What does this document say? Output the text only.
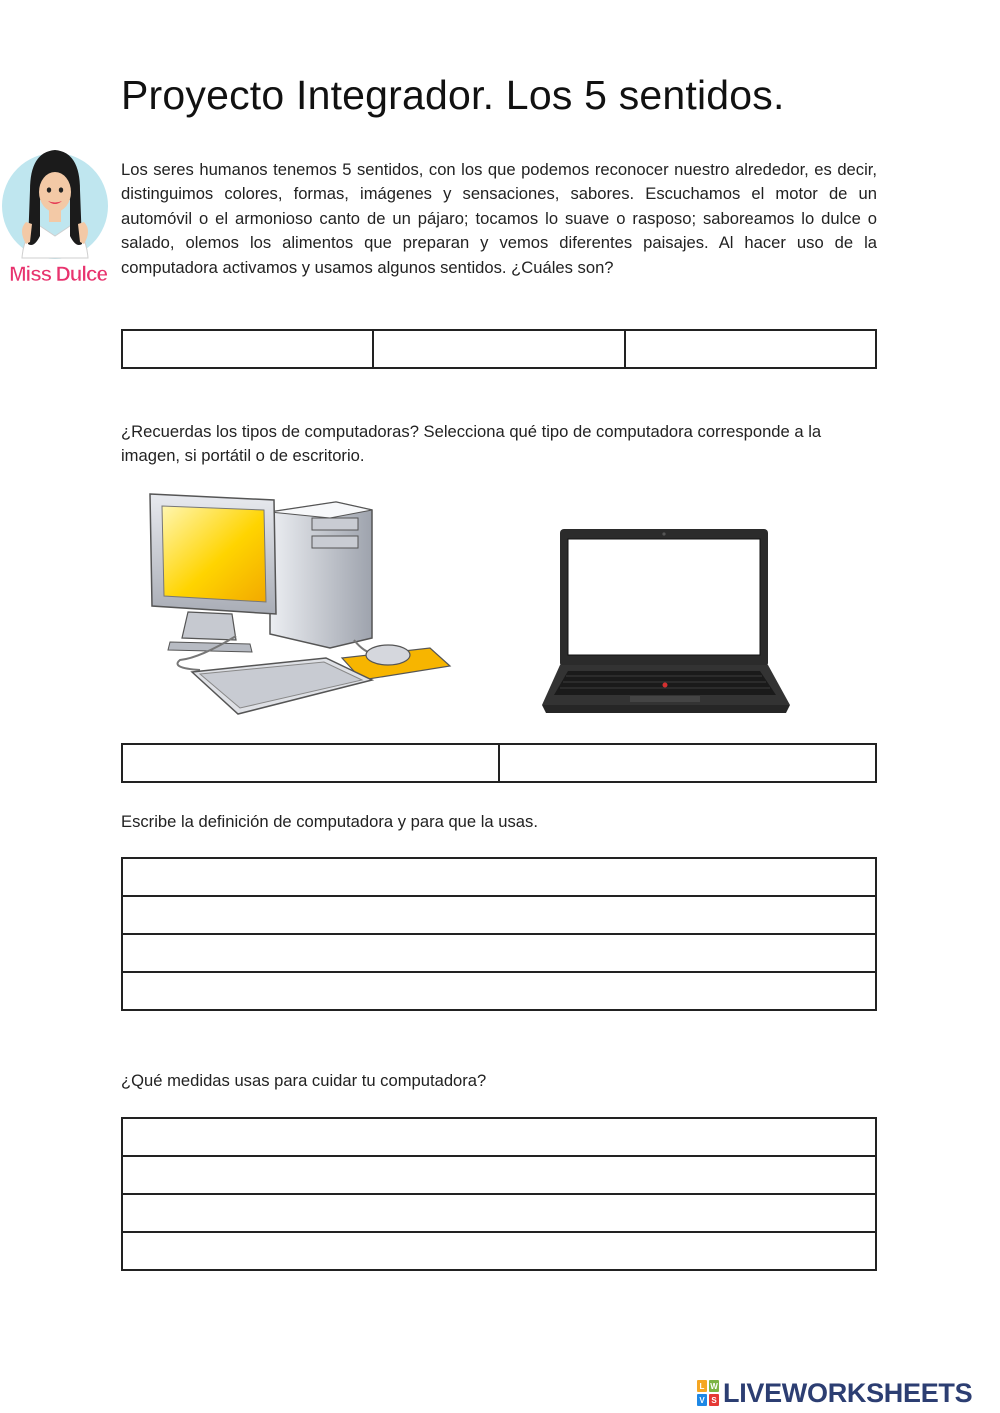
Proyecto Integrador. Los 5 sentidos.
Miss Dulce

Los seres humanos tenemos 5 sentidos, con los que podemos reconocer nuestro alrededor, es decir, distinguimos colores, formas, imágenes y sensaciones, sabores. Escuchamos el motor de un automóvil o el armonioso canto de un pájaro; tocamos lo suave o rasposo; saboreamos lo dulce o salado, olemos los alimentos que preparan y vemos diferentes paisajes. Al hacer uso de la computadora activamos y usamos algunos sentidos. ¿Cuáles son?

¿Recuerdas los tipos de computadoras? Selecciona qué tipo de computadora corresponde a la imagen, si portátil o de escritorio.

Escribe la definición de computadora y para que la usas.

¿Qué medidas usas para cuidar tu computadora?

L W
V S LIVEWORKSHEETS
